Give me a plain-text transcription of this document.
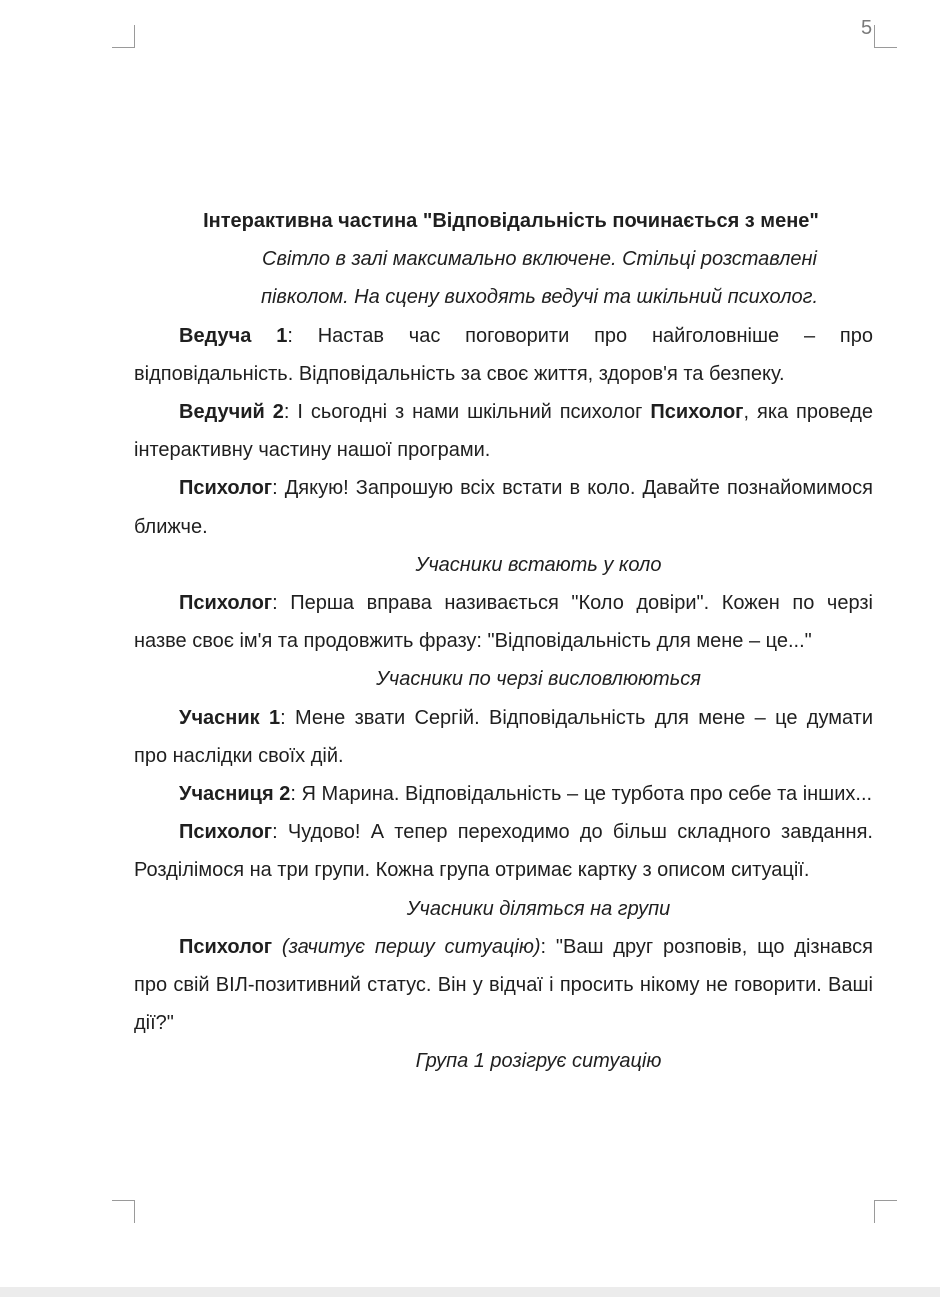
5

Інтерактивна частина "Відповідальність починається з мене"

Світло в залі максимально включене. Стільці розставлені
півколом. На сцену виходять ведучі та шкільний психолог.

Ведуча 1: Настав час поговорити про найголовніше – про відповідальність. Відповідальність за своє життя, здоров'я та безпеку.

Ведучий 2: І сьогодні з нами шкільний психолог Психолог, яка проведе інтерактивну частину нашої програми.

Психолог: Дякую! Запрошую всіх встати в коло. Давайте познайомимося ближче.

Учасники встають у коло

Психолог: Перша вправа називається "Коло довіри". Кожен по черзі назве своє ім'я та продовжить фразу: "Відповідальність для мене – це..."

Учасники по черзі висловлюються

Учасник 1: Мене звати Сергій. Відповідальність для мене – це думати про наслідки своїх дій.

Учасниця 2: Я Марина. Відповідальність – це турбота про себе та інших...

Психолог: Чудово! А тепер переходимо до більш складного завдання. Розділімося на три групи. Кожна група отримає картку з описом ситуації.

Учасники діляться на групи

Психолог (зачитує першу ситуацію): "Ваш друг розповів, що дізнався про свій ВІЛ-позитивний статус. Він у відчаї і просить нікому не говорити. Ваші дії?"

Група 1 розігрує ситуацію
